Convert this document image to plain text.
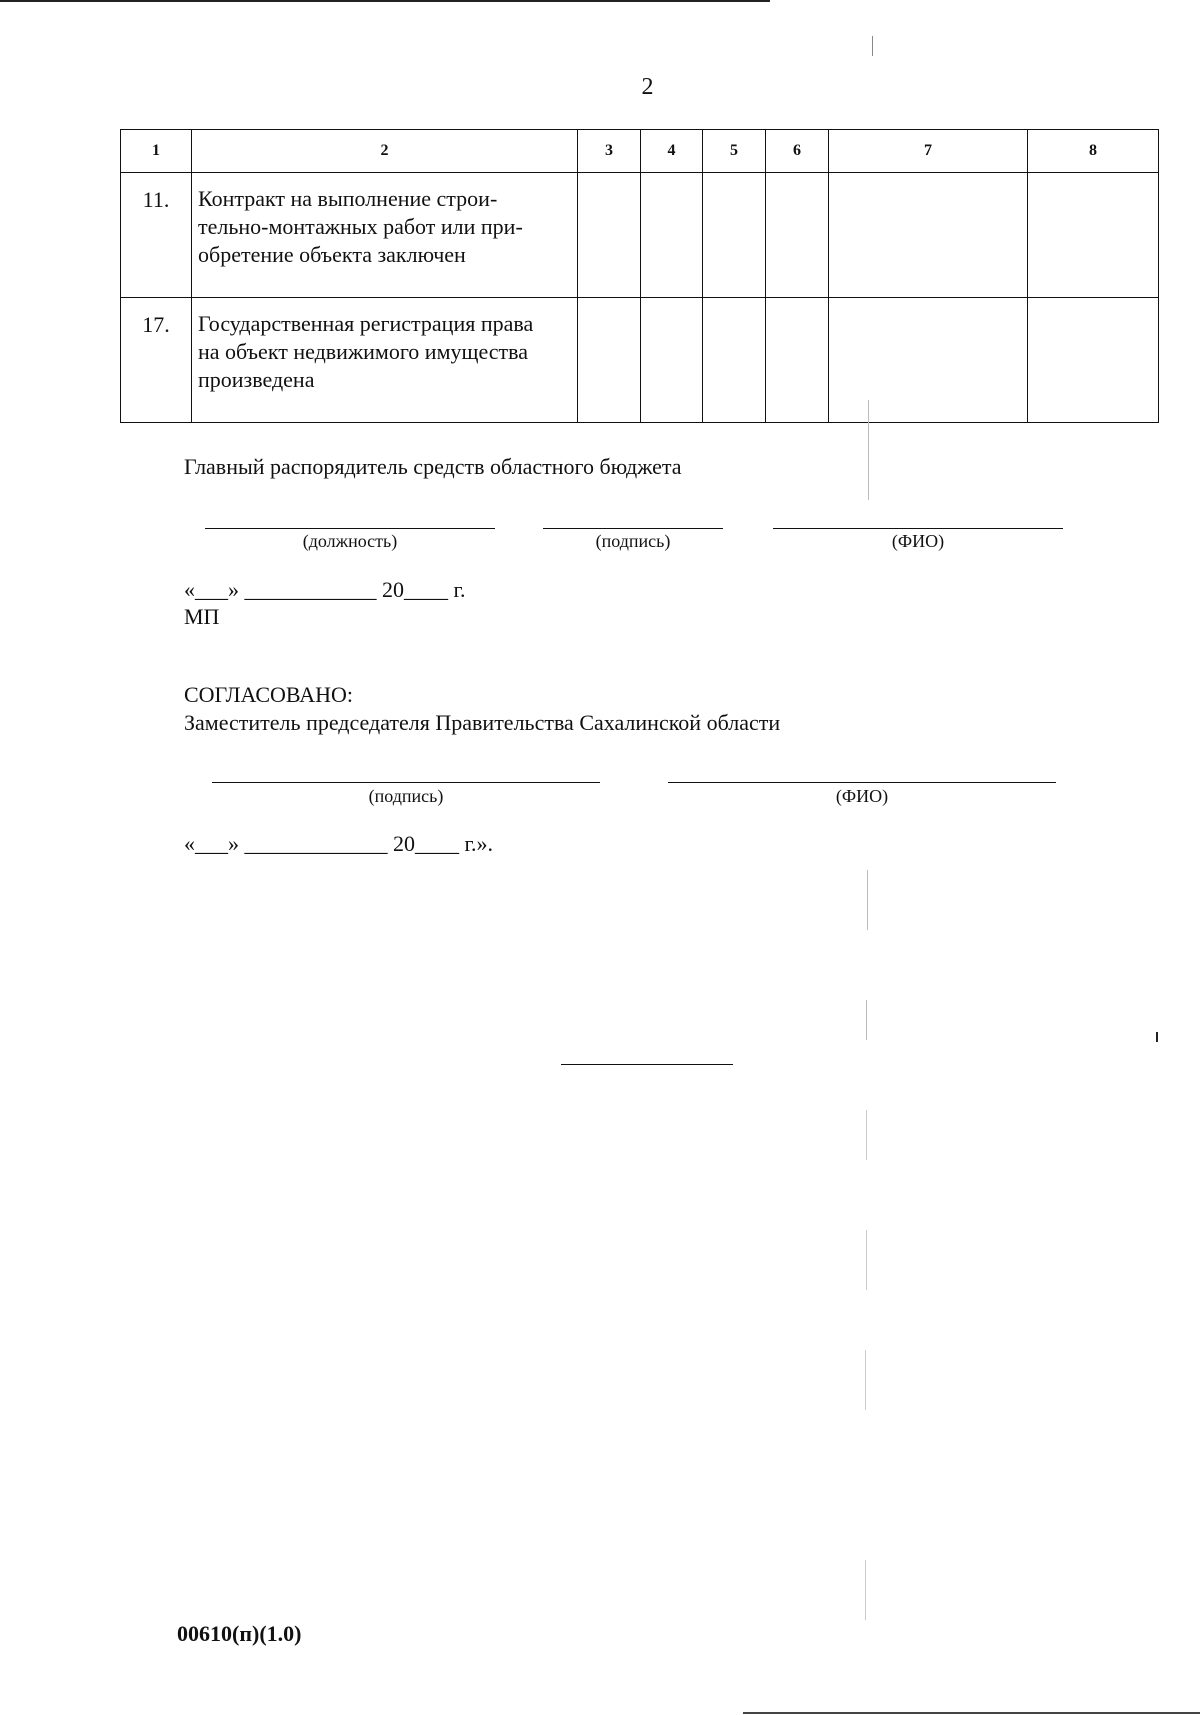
2
1	2	3	4	5	6	7	8
11.	Контракт на выполнение строи-
тельно-монтажных работ или при-
обретение объекта заключен						

17.	Государственная регистрация права
на объект недвижимого имущества
произведена						

Главный распорядитель средств областного бюджета
(должность)	(подпись)	(ФИО)
«___» ____________ 20____ г.
МП
СОГЛАСОВАНО:
Заместитель председателя Правительства Сахалинской области
(подпись)	(ФИО)
«___» _____________ 20____ г.».
00610(п)(1.0)
